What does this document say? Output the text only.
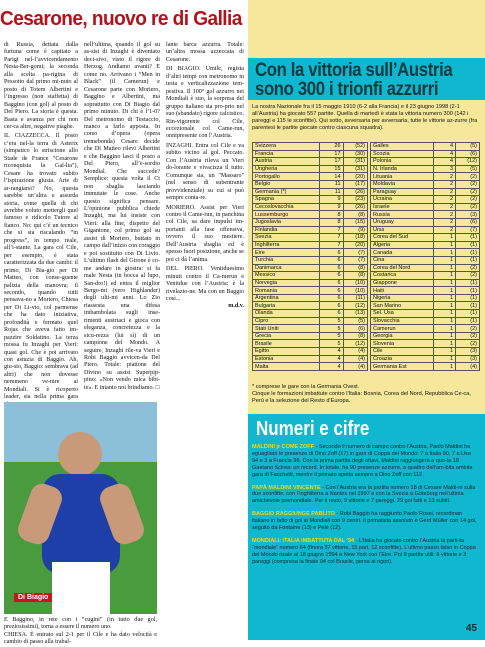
Cesarone, nuovo re di Gallia

di Russia, dettata dalla furtuna come è capitato a Parigi nel-l’avvicendamento Nesta-Ber-gomi; la seconda alla scelta pa-rigina di Pessotto dal primo mi-nuto al posto di Totem Albertini e l’ingresso (non staffetta) di Baggino (con gol) al posto di Del Piero. La storia è questa. Basta e avanza per chi non cer-ca altre, negative piaghe.

IL CIAZZECCA. Il posto c’era nel-la terra di Asterix (simpatico lo striscione allo Stade de France "Cesarone riconquista la Gal-lia"), Cesare ha trovato subito l’ispirazione giusta. Arte di ar-rangiarsi? No, questa sarebbe un’altra e assurda storia, come quella di chi avrebbe voluto mettergli quel famoso e ridicolo Tutore al fianco. No: qui c’è un tecnico che si sta riscalando “in progress”, in tempo reale, all’i-stante. La gara col Cile, per esempio, è stata caratterizzata da due cambi: il primo, Di Bia-gio per Di Matteo, con conse-guente palizia della manovra; il secondo, quando tutti pensava-no a Moriero, Chiesa per Di Li-vio, col parmense che ha dato iniziativa, profondità e fermato quel Rojas che aveva fatto im-pazzire Soldatino. La terza mossa fu Inzaghi per Vieri: quasi gol. Che è poi arrivato con astuzia di Baggio. Ah, giu-sto, Baggio: sembrava (ad altri) che non dovesse nemmeno ve-nire ai Mondiali. Si è ricoperto leader, sia nella prima gara

nell’ultima, quando il gol su as-sist di Inzaghi è diventato deci-sivo, visto il rigore di Herzog. Andiamo avanti? E come no. Arrivano i “Men in Black” (il Camerun) e Cesarone parte con Moriero, Baggino e Albertini, ma soprattutto con Di Biagio dal primo minuto. Di chi è l’1-0? Del metronomo di Testaccio, manco a farlo apposta. In corso d’opera (opera tremebonda) Cesare decide che Di Matteo rilevi Albertini e che Baggino lasci il posto a Del Piero, all’e-sordio Mondial. Che succede? Semplice: questa volta il Ct non sbaglia lasciando immutate le cose. Anche questo significa pensare. L’opinione pubblica chiede Inzaghi, ma lui insiste con Vieri: alla fine, dispetto del Gigantone, col primo gol su assist di Moriero, buttato in campo dall’inizio con coraggio e poi sostituito con Di Livio. L’ultimo flash del Girone è co-me andare in giostra: si fa male Nesta (in bocca al lupo, San-dro!) ed entra il miglior Bergo-mi (vero Highlander) degli ulti-mi anni. Lo Zio riassesta una difesa imbambolata sugli inse-rimenti austriaci e gioca con eleganza, concretezza e la sicu-rezza (lui sì) di un campione del Mondo. A seguire, Inzaghi rile-va Vieri e Robi Baggio avvicen-da Del Piero. Totale: piattone del Divino su assist Superpip-pino: «Non vendo mica bibi-te». E intanto noi brindiamo. □

lante barca azzurra. Totale: un’altra mossa azzeccata di Cesarone.

DI BIAGIO. Umile, regista d’altri tempi con metronomo in testa e verticalizzazione tem-pestiva. Il 100° gol azzurro nei Mondiali è suo, la sorpresa del gruppo italiano sta pro-prio nel suo (sbandato) rigore calcistico. Rin-vigorente col Cile, eccezionale col Came-run, onnipresente con l’Austria.

INZAGHI. Entra col Cile e va subito vicino al gol. Peccato. Con l’Austria rileva un Vieri do-lorante e vivacizza il tutto. Comunque sia, un "Massaro" (nel senso di subentrante provvidenziale) su cui si può sempre conta-re.

MORIERO. Assist per Vieri contro il Came-run, in panchina col Cile, sa dare impulsi im-portanti alla fase offensiva, ovvero il suo mestiere. Dell’Austria sbaglia ed è spesso fuori posizione, anche se poi ci dà l’anima.

DEL PIERO. Ventiduesimo minuti contro il Ca-merun e Ventidue con l’Austria: è la rivelazio-ne. Ma con un Baggio così...

m.d.v.

Di Biagio
E Baggino, in rete con i “cugini” (in tutto due gol, preziosissimi), torna a essere il numero uno.
CHIESA. È entrato sul 2-1 per il Cile e ha dato velocità e cambio di passo alla trabal-
Con la vittoria sull’Austria
sono 300 i trionfi azzurri
La nostra Nazionale fra il 15 maggio 1910 (6-2 alla Francia) e il 23 giugno 1998 (2-1 all’Austria) ha giocato 557 partite. Quella di martedì è stata la vittoria numero 300 (142 i pareggi e 115 le sconfitte). Qui sotto, avversaria per avversaria, tutte le vittorie az-zurre (fra parentesi le partite giocate contro ciascuna squadra).
Svizzera	26	(52)
Francia	17	(30)
Austria	17	(31)
Ungheria	15	(31)
Portogallo	14	(20)
Belgio	11	(17)
Germania (*)	11	(26)
Spagna	9	(23)
Cecoslovacchia	9	(26)
Lussemburgo	8	(8)
Jugoslavia	8	(15)
Finlandia	7	(9)
Svezia	7	(18)
Inghilterra	7	(20)
Eire	6	(7)
Turchia	6	(7)
Danimarca	6	(8)
Messico	6	(8)
Norvegia	6	(10)
Romania	6	(10)
Argentina	6	(11)
Bulgaria	6	(12)
Olanda	6	(13)
Cipro	5	(5)
Stati Uniti	5	(6)
Grecia	5	(8)
Brasile	5	(12)
Egitto	4	(4)
Estonia	4	(4)
Malta	4	(4)
Galles	4	(5)
Scozia	4	(6)
Polonia	4	(12)
N. Irlanda	3	(5)
Lituania	2	(2)
Moldavia	2	(2)
Paraguay	2	(2)
Ucraina	2	(2)
Israele	2	(2)
Russia	2	(3)
Uruguay	2	(6)
Urss	2	(7)
Corea del Sud	1	(1)
Algeria	1	(1)
Canada	1	(1)
Cina	1	(1)
Corea del Nord	1	(2)
Costarica	1	(2)
Giappone	1	(1)
Haiti	1	(1)
Nigeria	1	(1)
San Marino	1	(1)
Sel. Usa	1	(1)
Slovacchia	1	(1)
Camerun	1	(2)
Georgia	1	(2)
Slovenia	1	(2)
Cile	1	(3)
Croazia	1	(3)
Germania Est	1	(4)
* comprese le gare con la Germania Ovest.
Cinque le formazioni imbattute contro l’Italia: Bosnia, Corea del Nord, Repubblica Ce-ca, Perù e la selezione del Resto d’Europa.
Numeri e cifre
MALDINI jr COME ZOFF - Secondo il numero di campo contro l’Austria, Paolo Maldini ha eguagliato le presenze di Dino Zoff (17) in gare di Coppa del Mondo: 7 a Italia 90, 7 a Usa 94 e 3 a Francia 98. Con la prima partita degli ottavi, Maldini raggiungerà a quo-ta 18 Gaetano Scirea: un record. In totale, ha 90 presenze azzurre, a quattro dell’am-bita ambita gara di Facchetti, mentre il primato spetta sempre a Dino Zoff con 112.
PAPÀ MALDINI VINCENTE - Con l’Austria era la partita numero 18 di Cesare Maldi-ni sulla due sconfitte, con l’Inghilterra a Nantes nel 1997 e con la Svezia a Göteborg nell’ultima amichevole premondiale. Per il resto, 9 vittorie e 7 pareggi. 29 gol fatti e 13 subiti.
BAGGIO RAGGIUNGE PABLITO - Robi Baggio ha raggiunto Paolo Rossi, recordman italiano in fatto di gol ai Mondiali con 9 centri. Il primatista assoluto è Gerd Müller con 14 gol, seguito da Fontaine (13) e Pelé (12).
MONDIALI: ITALIA IMBATTUTA DAL ’94 - L’Italia ha giocato contro l’Austria la parti-ta “mondiale” numero 64 (finora 37 vittorie, 15 pari, 12 sconfitte). L’ultimo passo falso in Coppa del Mondo risale al 18 giugno 1994 a New York con l’Eire. Poi 9 partite utili: 6 vittorie e 3 pareggi (compresa la finale 94 col Brasile, persa ai rigori).
45
